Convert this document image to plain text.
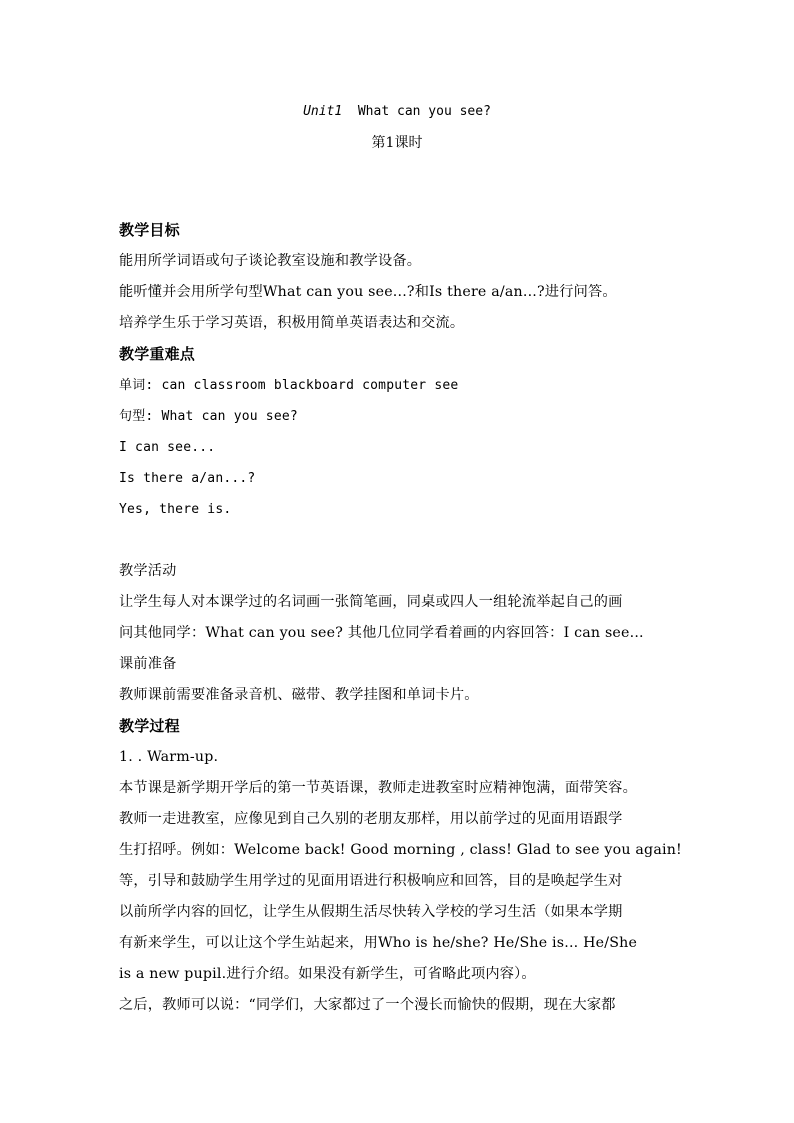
Unit1  What can you see?
第1课时
教学目标
能用所学词语或句子谈论教室设施和教学设备。
能听懂并会用所学句型What can you see...?和Is there a/an...?进行问答。
培养学生乐于学习英语，积极用简单英语表达和交流。
教学重难点
单词: can classroom blackboard computer see
句型: What can you see?
I can see...
Is there a/an...?
Yes, there is.
教学活动
让学生每人对本课学过的名词画一张简笔画，同桌或四人一组轮流举起自己的画
问其他同学：What can you see? 其他几位同学看着画的内容回答：I can see...
课前准备
教师课前需要准备录音机、磁带、教学挂图和单词卡片。
教学过程
1. . Warm-up.
本节课是新学期开学后的第一节英语课，教师走进教室时应精神饱满，面带笑容。
教师一走进教室，应像见到自己久别的老朋友那样，用以前学过的见面用语跟学
生打招呼。例如：Welcome back! Good morning , class! Glad to see you again!
等，引导和鼓励学生用学过的见面用语进行积极响应和回答，目的是唤起学生对
以前所学内容的回忆，让学生从假期生活尽快转入学校的学习生活（如果本学期
有新来学生，可以让这个学生站起来，用Who is he/she? He/She is... He/She
is a new pupil.进行介绍。如果没有新学生，可省略此项内容）。
之后，教师可以说：“同学们，大家都过了一个漫长而愉快的假期，现在大家都
